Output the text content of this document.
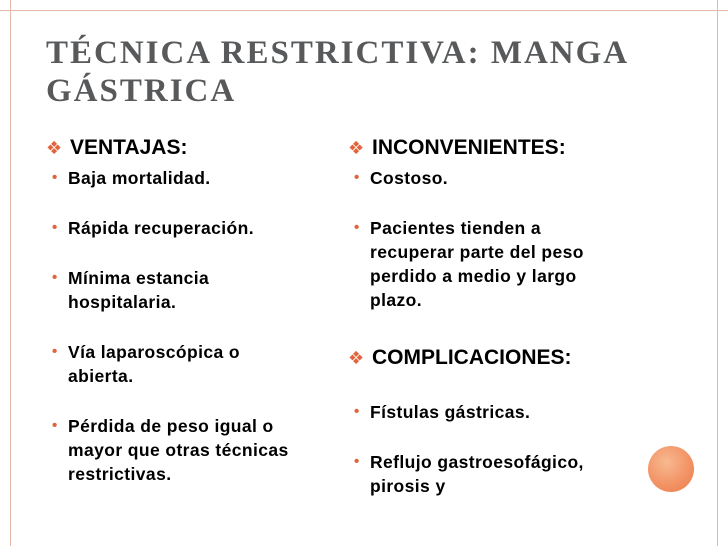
TÉCNICA RESTRICTIVA: MANGA GÁSTRICA
❖ VENTAJAS:
• Baja mortalidad.
• Rápida recuperación.
• Mínima estancia hospitalaria.
• Vía laparoscópica o abierta.
• Pérdida de peso igual o mayor que otras técnicas restrictivas.
❖ INCONVENIENTES:
• Costoso.
• Pacientes tienden a recuperar parte del peso perdido a medio y largo plazo.
❖ COMPLICACIONES:
• Fístulas gástricas.
• Reflujo gastroesofágico, pirosis y
